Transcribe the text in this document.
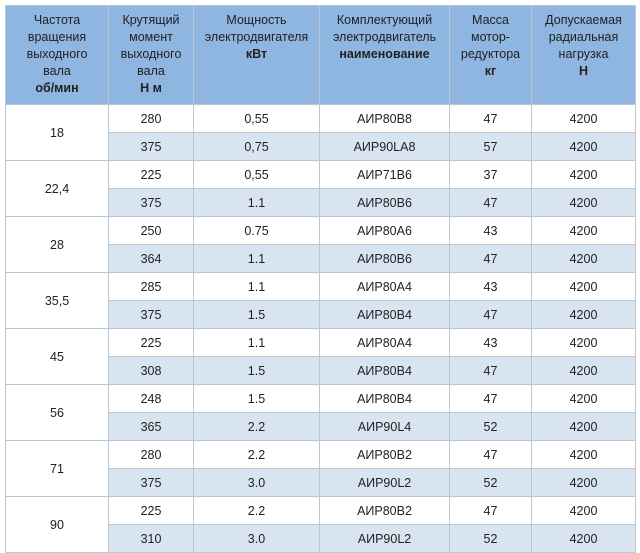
Частота
вращения
выходного
вала
об/мин	Крутящий
момент
выходного
вала
Н м	Мощность
электродвигателя
кВт	Комплектующий
электродвигатель
наименование	Масса
мотор-
редуктора
кг	Допускаемая
радиальная
нагрузка
Н

18	280	0,55	АИР80В8	47	4200
	375	0,75	АИР90LA8	57	4200
22,4	225	0,55	АИР71В6	37	4200
	375	1.1	АИР80В6	47	4200
28	250	0.75	АИР80А6	43	4200
	364	1.1	АИР80В6	47	4200
35,5	285	1.1	АИР80А4	43	4200
	375	1.5	АИР80В4	47	4200
45	225	1.1	АИР80А4	43	4200
	308	1.5	АИР80В4	47	4200
56	248	1.5	АИР80В4	47	4200
	365	2.2	АИР90L4	52	4200
71	280	2.2	АИР80В2	47	4200
	375	3.0	АИР90L2	52	4200
90	225	2.2	АИР80В2	47	4200
	310	3.0	АИР90L2	52	4200
